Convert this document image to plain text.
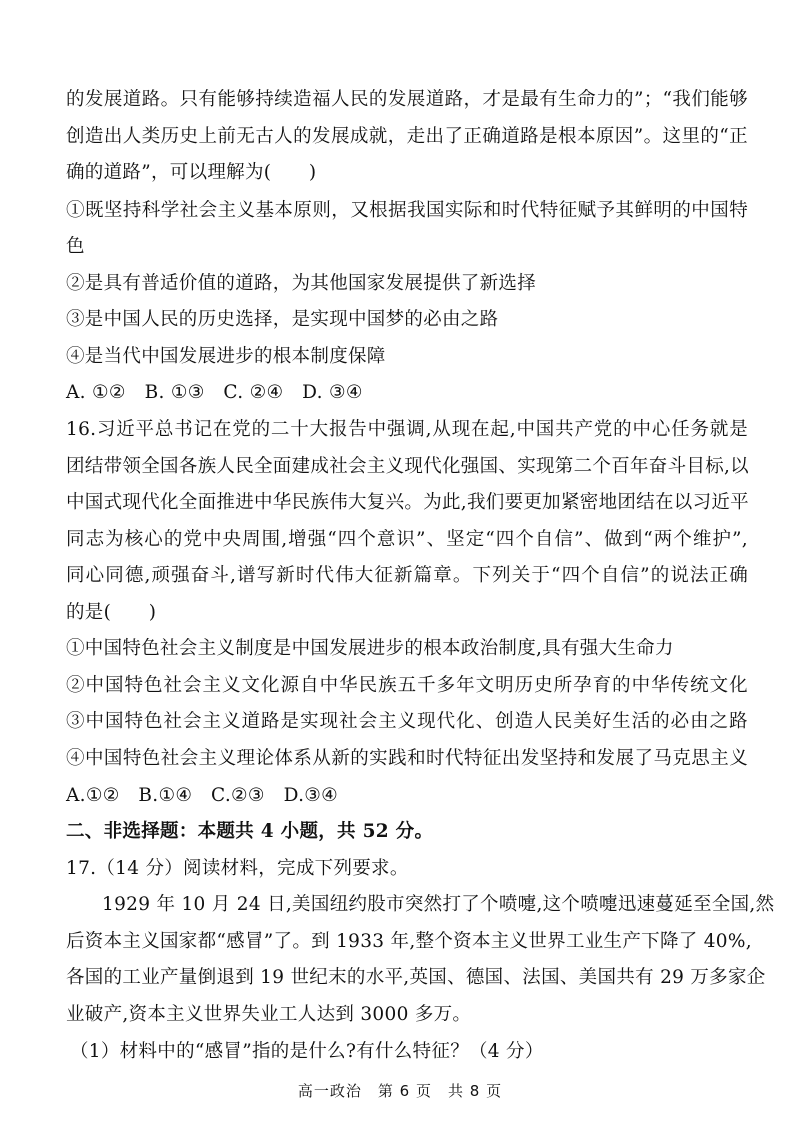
的发展道路。只有能够持续造福人民的发展道路，才是最有生命力的”；“我们能够
创造出人类历史上前无古人的发展成就，走出了正确道路是根本原因”。这里的“正
确的道路”，可以理解为(　　)
①既坚持科学社会主义基本原则，又根据我国实际和时代特征赋予其鲜明的中国特
色
②是具有普适价值的道路，为其他国家发展提供了新选择
③是中国人民的历史选择，是实现中国梦的必由之路
④是当代中国发展进步的根本制度保障
A. ①②　B. ①③　C. ②④　D. ③④
16.习近平总书记在党的二十大报告中强调,从现在起,中国共产党的中心任务就是
团结带领全国各族人民全面建成社会主义现代化强国、实现第二个百年奋斗目标,以
中国式现代化全面推进中华民族伟大复兴。为此,我们要更加紧密地团结在以习近平
同志为核心的党中央周围,增强“四个意识”、坚定“四个自信”、做到“两个维护”,
同心同德,顽强奋斗,谱写新时代伟大征新篇章。下列关于“四个自信”的说法正确
的是(　　)
①中国特色社会主义制度是中国发展进步的根本政治制度,具有强大生命力
②中国特色社会主义文化源自中华民族五千多年文明历史所孕育的中华传统文化
③中国特色社会主义道路是实现社会主义现代化、创造人民美好生活的必由之路
④中国特色社会主义理论体系从新的实践和时代特征出发坚持和发展了马克思主义
A.①②　B.①④　C.②③　D.③④
二、非选择题：本题共 4 小题，共 52 分。
17.（14 分）阅读材料，完成下列要求。
1929 年 10 月 24 日,美国纽约股市突然打了个喷嚏,这个喷嚏迅速蔓延至全国,然
后资本主义国家都“感冒”了。到 1933 年,整个资本主义世界工业生产下降了 40%,
各国的工业产量倒退到 19 世纪末的水平,英国、德国、法国、美国共有 29 万多家企
业破产,资本主义世界失业工人达到 3000 多万。
（1）材料中的“感冒”指的是什么?有什么特征？（4 分）
高一政治　第 6 页　共 8 页
